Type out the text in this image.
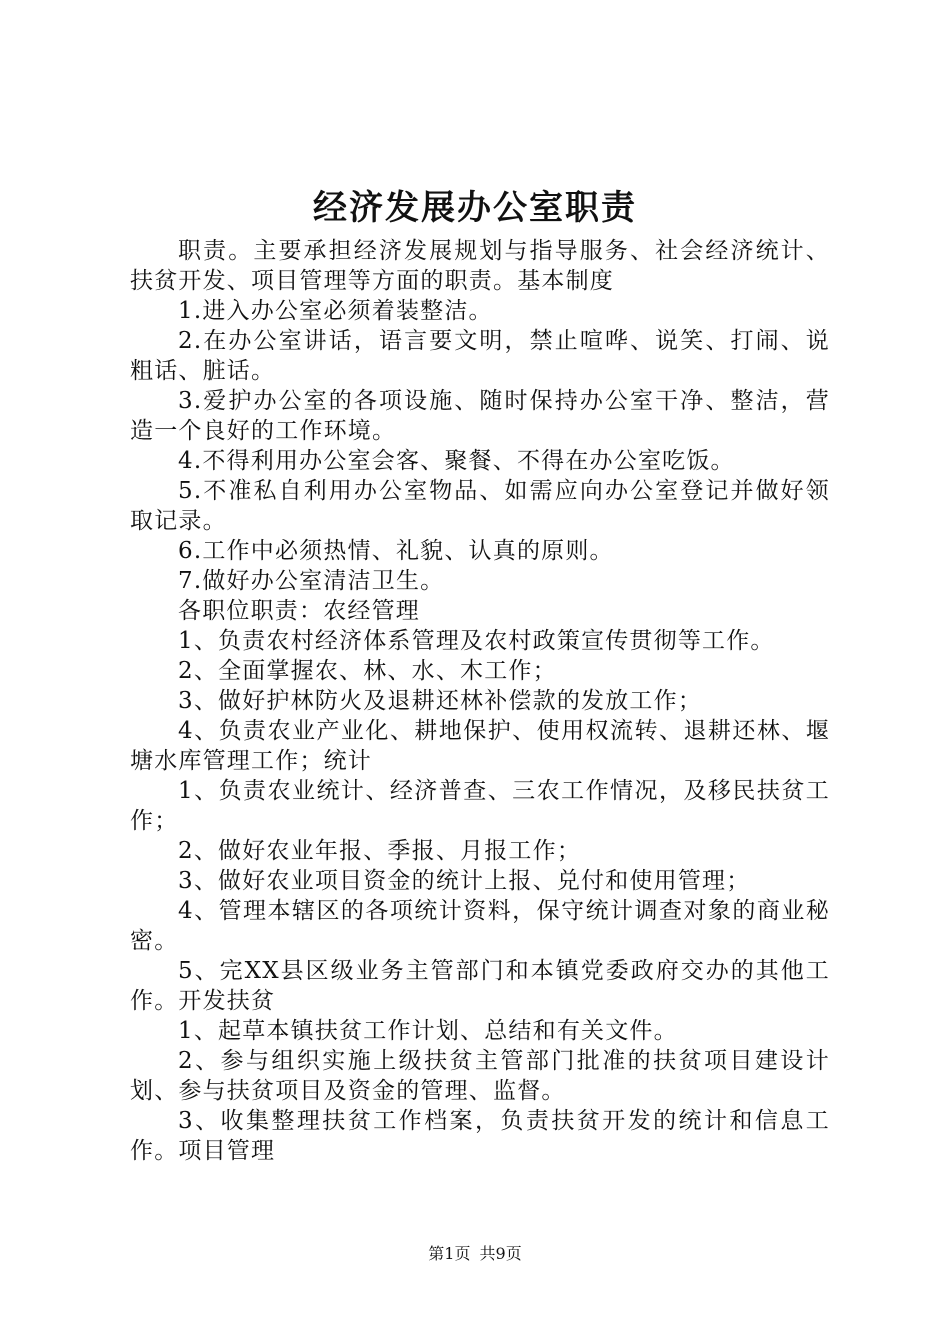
经济发展办公室职责

职责。主要承担经济发展规划与指导服务、社会经济统计、扶贫开发、项目管理等方面的职责。基本制度

1.进入办公室必须着装整洁。

2.在办公室讲话，语言要文明，禁止喧哗、说笑、打闹、说粗话、脏话。

3.爱护办公室的各项设施、随时保持办公室干净、整洁，营造一个良好的工作环境。

4.不得利用办公室会客、聚餐、不得在办公室吃饭。

5.不准私自利用办公室物品、如需应向办公室登记并做好领取记录。

6.工作中必须热情、礼貌、认真的原则。

7.做好办公室清洁卫生。

各职位职责：农经管理

1、负责农村经济体系管理及农村政策宣传贯彻等工作。

2、全面掌握农、林、水、木工作；

3、做好护林防火及退耕还林补偿款的发放工作；

4、负责农业产业化、耕地保护、使用权流转、退耕还林、堰塘水库管理工作；统计

1、负责农业统计、经济普查、三农工作情况，及移民扶贫工作；

2、做好农业年报、季报、月报工作；

3、做好农业项目资金的统计上报、兑付和使用管理；

4、管理本辖区的各项统计资料，保守统计调查对象的商业秘密。

5、完XX县区级业务主管部门和本镇党委政府交办的其他工作。开发扶贫

1、起草本镇扶贫工作计划、总结和有关文件。

2、参与组织实施上级扶贫主管部门批准的扶贫项目建设计划、参与扶贫项目及资金的管理、监督。

3、收集整理扶贫工作档案，负责扶贫开发的统计和信息工作。项目管理

第1页 共9页
